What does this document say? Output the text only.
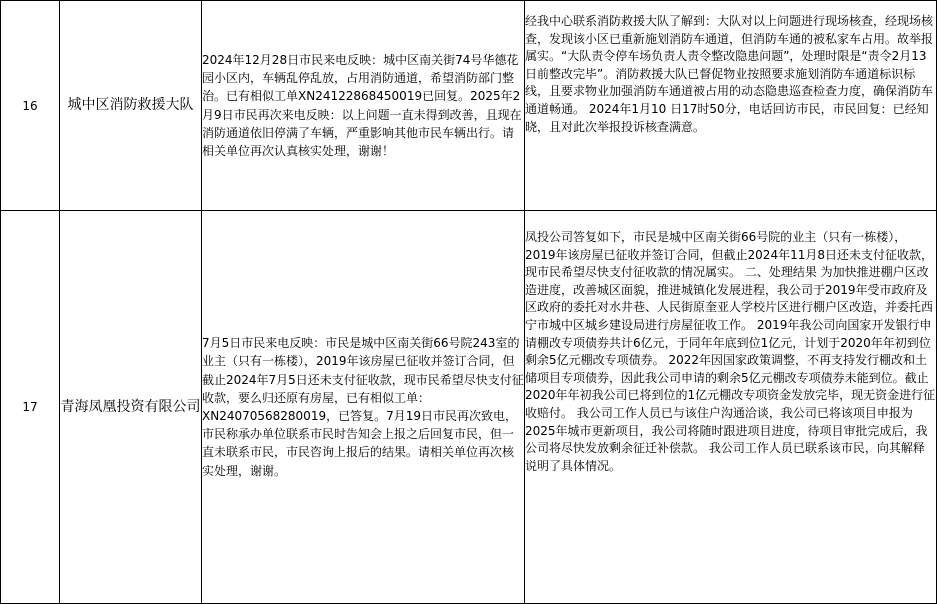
16	城中区消防救援大队	2024年12月28日市民来电反映：城中区南关街74号华德花园小区内，车辆乱停乱放，占用消防通道，希望消防部门整治。已有相似工单XN24122868450019已回复。2025年2月9日市民再次来电反映：以上问题一直未得到改善，且现在消防通道依旧停满了车辆，严重影响其他市民车辆出行。请相关单位再次认真核实处理，谢谢！	经我中心联系消防救援大队了解到：大队对以上问题进行现场核查，经现场核查，发现该小区已重新施划消防车通道，但消防车通的被私家车占用。故举报属实。“大队责令停车场负责人责令整改隐患问题”，处理时限是“责令2月13日前整改完毕”。消防救援大队已督促物业按照要求施划消防车通道标识标线，且要求物业加强消防车通道被占用的动态隐患巡查检查力度，确保消防车通道畅通。 2024年1月10 日17时50分，电话回访市民，市民回复：已经知晓，且对此次举报投诉核查满意。

17	青海凤凰投资有限公司	7月5日市民来电反映：市民是城中区南关街66号院243室的业主（只有一栋楼），2019年该房屋已征收并签订合同，但截止2024年7月5日还未支付征收款，现市民希望尽快支付征收款，要么归还原有房屋，已有相似工单：XN24070568280019，已答复。7月19日市民再次致电，市民称承办单位联系市民时告知会上报之后回复市民，但一直未联系市民，市民咨询上报后的结果。请相关单位再次核实处理，谢谢。	凤投公司答复如下，市民是城中区南关街66号院的业主（只有一栋楼），2019年该房屋已征收并签订合同，但截止2024年11月8日还未支付征收款，现市民希望尽快支付征收款的情况属实。 二、处理结果 为加快推进棚户区改造进度，改善城区面貌，推进城镇化发展进程，我公司于2019年受市政府及区政府的委托对水井巷、人民街原奎亚人学校片区进行棚户区改造，并委托西宁市城中区城乡建设局进行房屋征收工作。 2019年我公司向国家开发银行申请棚改专项债券共计6亿元，于同年年底到位1亿元，计划于2020年年初到位剩余5亿元棚改专项债券。 2022年因国家政策调整，不再支持发行棚改和土储项目专项债券，因此我公司申请的剩余5亿元棚改专项债券未能到位。截止2020年年初我公司已将到位的1亿元棚改专项资金发放完毕，现无资金进行征收赔付。 我公司工作人员已与该住户沟通洽谈，我公司已将该项目申报为2025年城市更新项目，我公司将随时跟进项目进度，待项目审批完成后，我公司将尽快发放剩余征迁补偿款。 我公司工作人员已联系该市民，向其解释说明了具体情况。
